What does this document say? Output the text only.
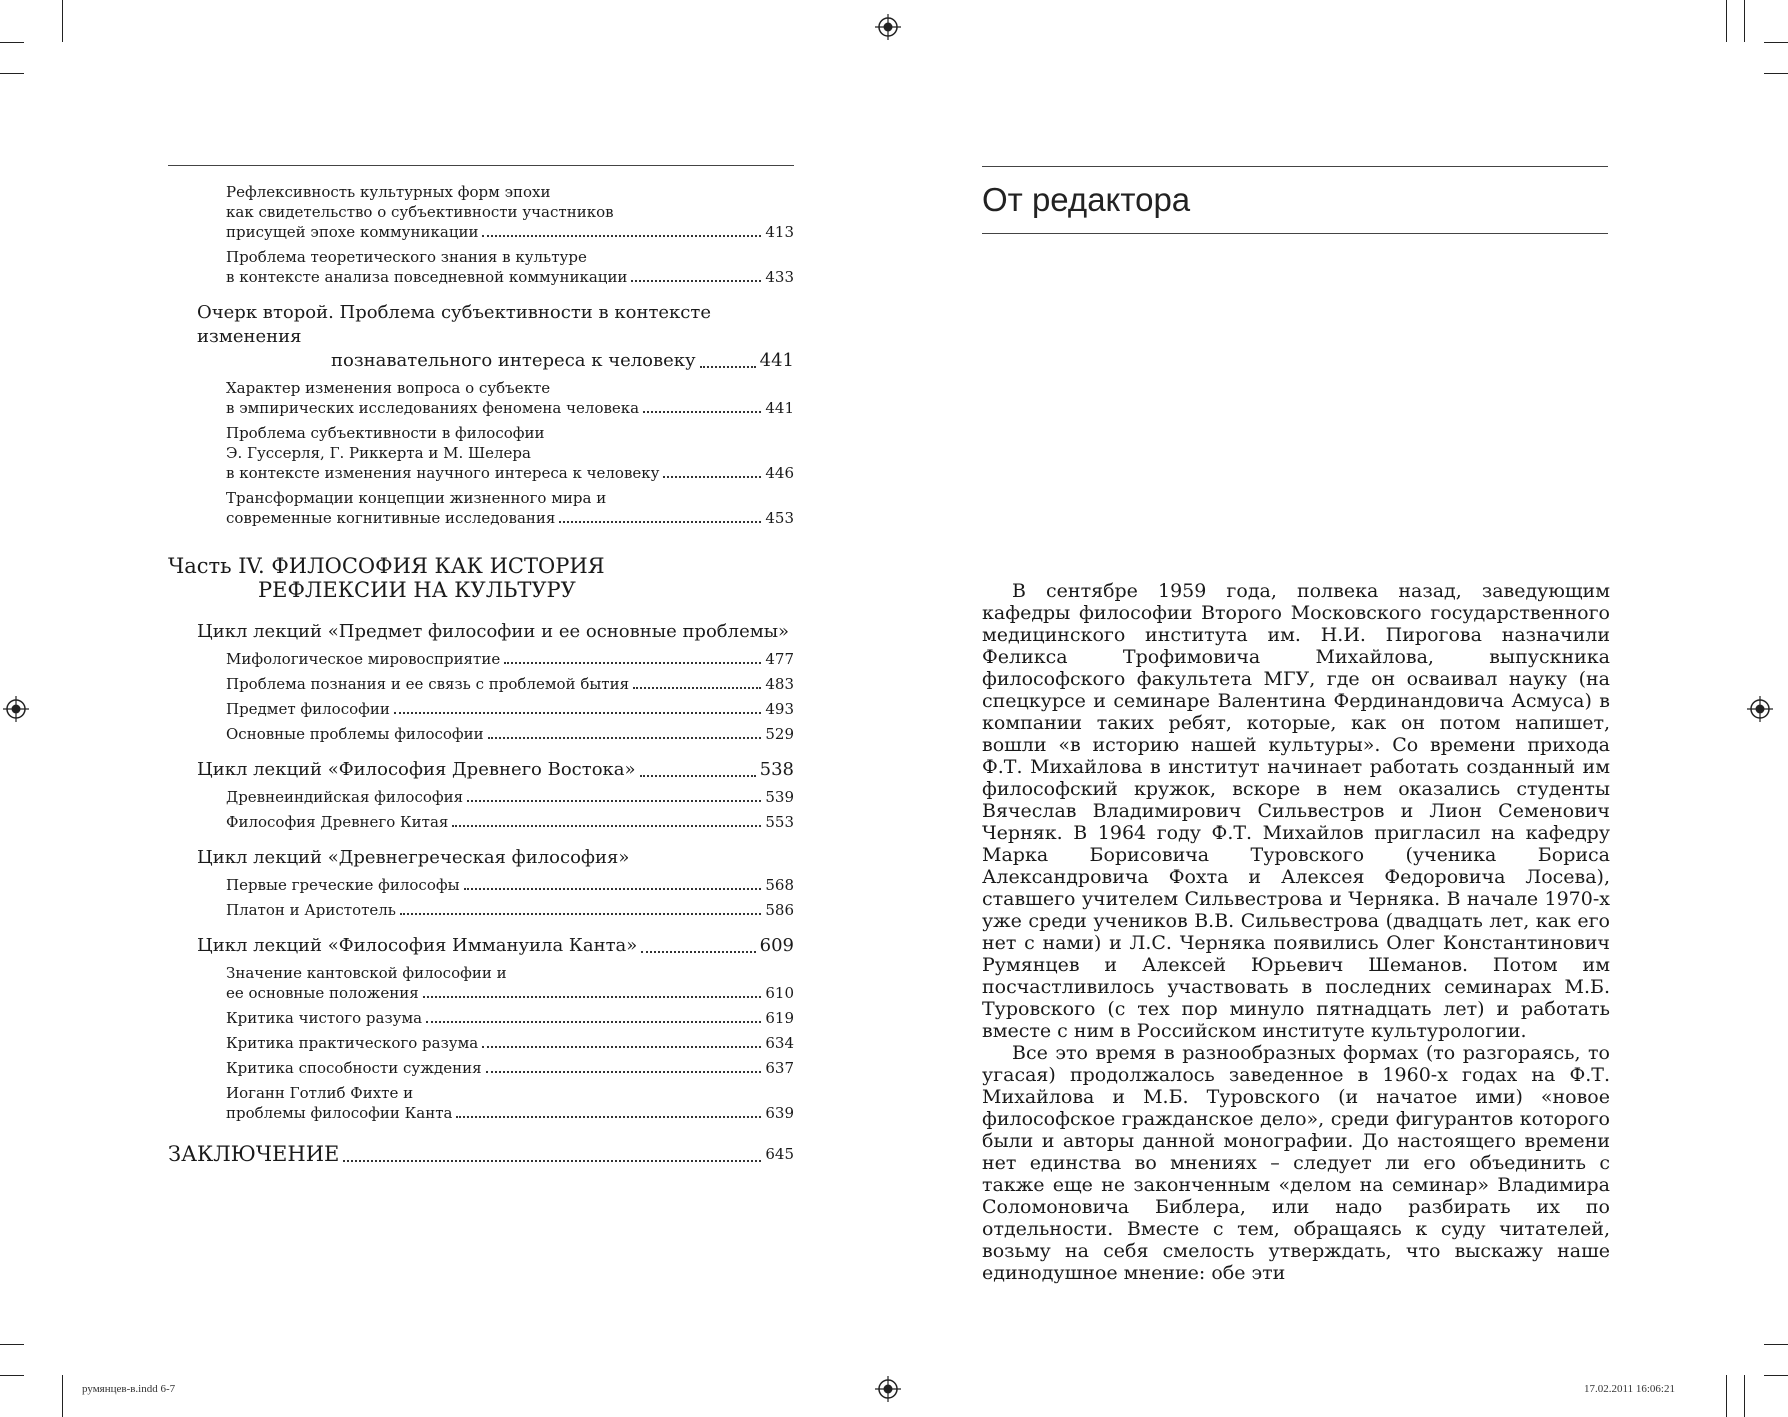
румянцев-в.indd 6-7	17.02.2011 16:06:21
Рефлексивность культурных форм эпохи
как свидетельство о субъективности участников
присущей эпохе коммуникации	413
Проблема теоретического знания в культуре
в контексте анализа повседневной коммуникации	433
Очерк второй. Проблема субъективности в контексте изменения
познавательного интереса к человеку	441
Характер изменения вопроса о субъекте
в эмпирических исследованиях феномена человека	441
Проблема субъективности в философии
Э. Гуссерля, Г. Риккерта и М. Шелера
в контексте изменения научного интереса к человеку	446
Трансформации концепции жизненного мира и
современные когнитивные исследования	453
Часть IV. ФИЛОСОФИЯ КАК ИСТОРИЯ
РЕФЛЕКСИИ НА КУЛЬТУРУ
Цикл лекций «Предмет философии и ее основные проблемы»
Мифологическое мировосприятие	477
Проблема познания и ее связь с проблемой бытия	483
Предмет философии	493
Основные проблемы философии	529
Цикл лекций «Философия Древнего Востока»	538
Древнеиндийская философия	539
Философия Древнего Китая	553
Цикл лекций «Древнегреческая философия»
Первые греческие философы	568
Платон и Аристотель	586
Цикл лекций «Философия Иммануила Канта»	609
Значение кантовской философии и
ее основные положения	610
Критика чистого разума	619
Критика практического разума	634
Критика способности суждения	637
Иоганн Готлиб Фихте и
проблемы философии Канта	639
ЗАКЛЮЧЕНИЕ	645
От редактора

В сентябре 1959 года, полвека назад, заведующим кафедры философии Второго Московского государственного медицинского института им. Н.И. Пирогова назначили Феликса Трофимовича Михайлова, выпускника философского факультета МГУ, где он осваивал науку (на спецкурсе и семинаре Валентина Фердинандовича Асмуса) в компании таких ребят, которые, как он потом напишет, вошли «в историю нашей культуры». Со времени прихода Ф.Т. Михайлова в институт начинает работать созданный им философский кружок, вскоре в нем оказались студенты Вячеслав Владимирович Сильвестров и Лион Семенович Черняк. В 1964 году Ф.Т. Михайлов пригласил на кафедру Марка Борисовича Туровского (ученика Бориса Александровича Фохта и Алексея Федоровича Лосева), ставшего учителем Сильвестрова и Черняка. В начале 1970-х уже среди учеников В.В. Сильвестрова (двадцать лет, как его нет с нами) и Л.С. Черняка появились Олег Константинович Румянцев и Алексей Юрьевич Шеманов. Потом им посчастливилось участвовать в последних семинарах М.Б. Туровского (с тех пор минуло пятнадцать лет) и работать вместе с ним в Российском институте культурологии.

Все это время в разнообразных формах (то разгораясь, то угасая) продолжалось заведенное в 1960-х годах на Ф.Т. Михайлова и М.Б. Туровского (и начатое ими) «новое философское гражданское дело», среди фигурантов которого были и авторы данной монографии. До настоящего времени нет единства во мнениях – следует ли его объединить с также еще не законченным «делом на семинар» Владимира Соломоновича Библера, или надо разбирать их по отдельности. Вместе с тем, обращаясь к суду читателей, возьму на себя смелость утверждать, что выскажу наше единодушное мнение: обе эти
